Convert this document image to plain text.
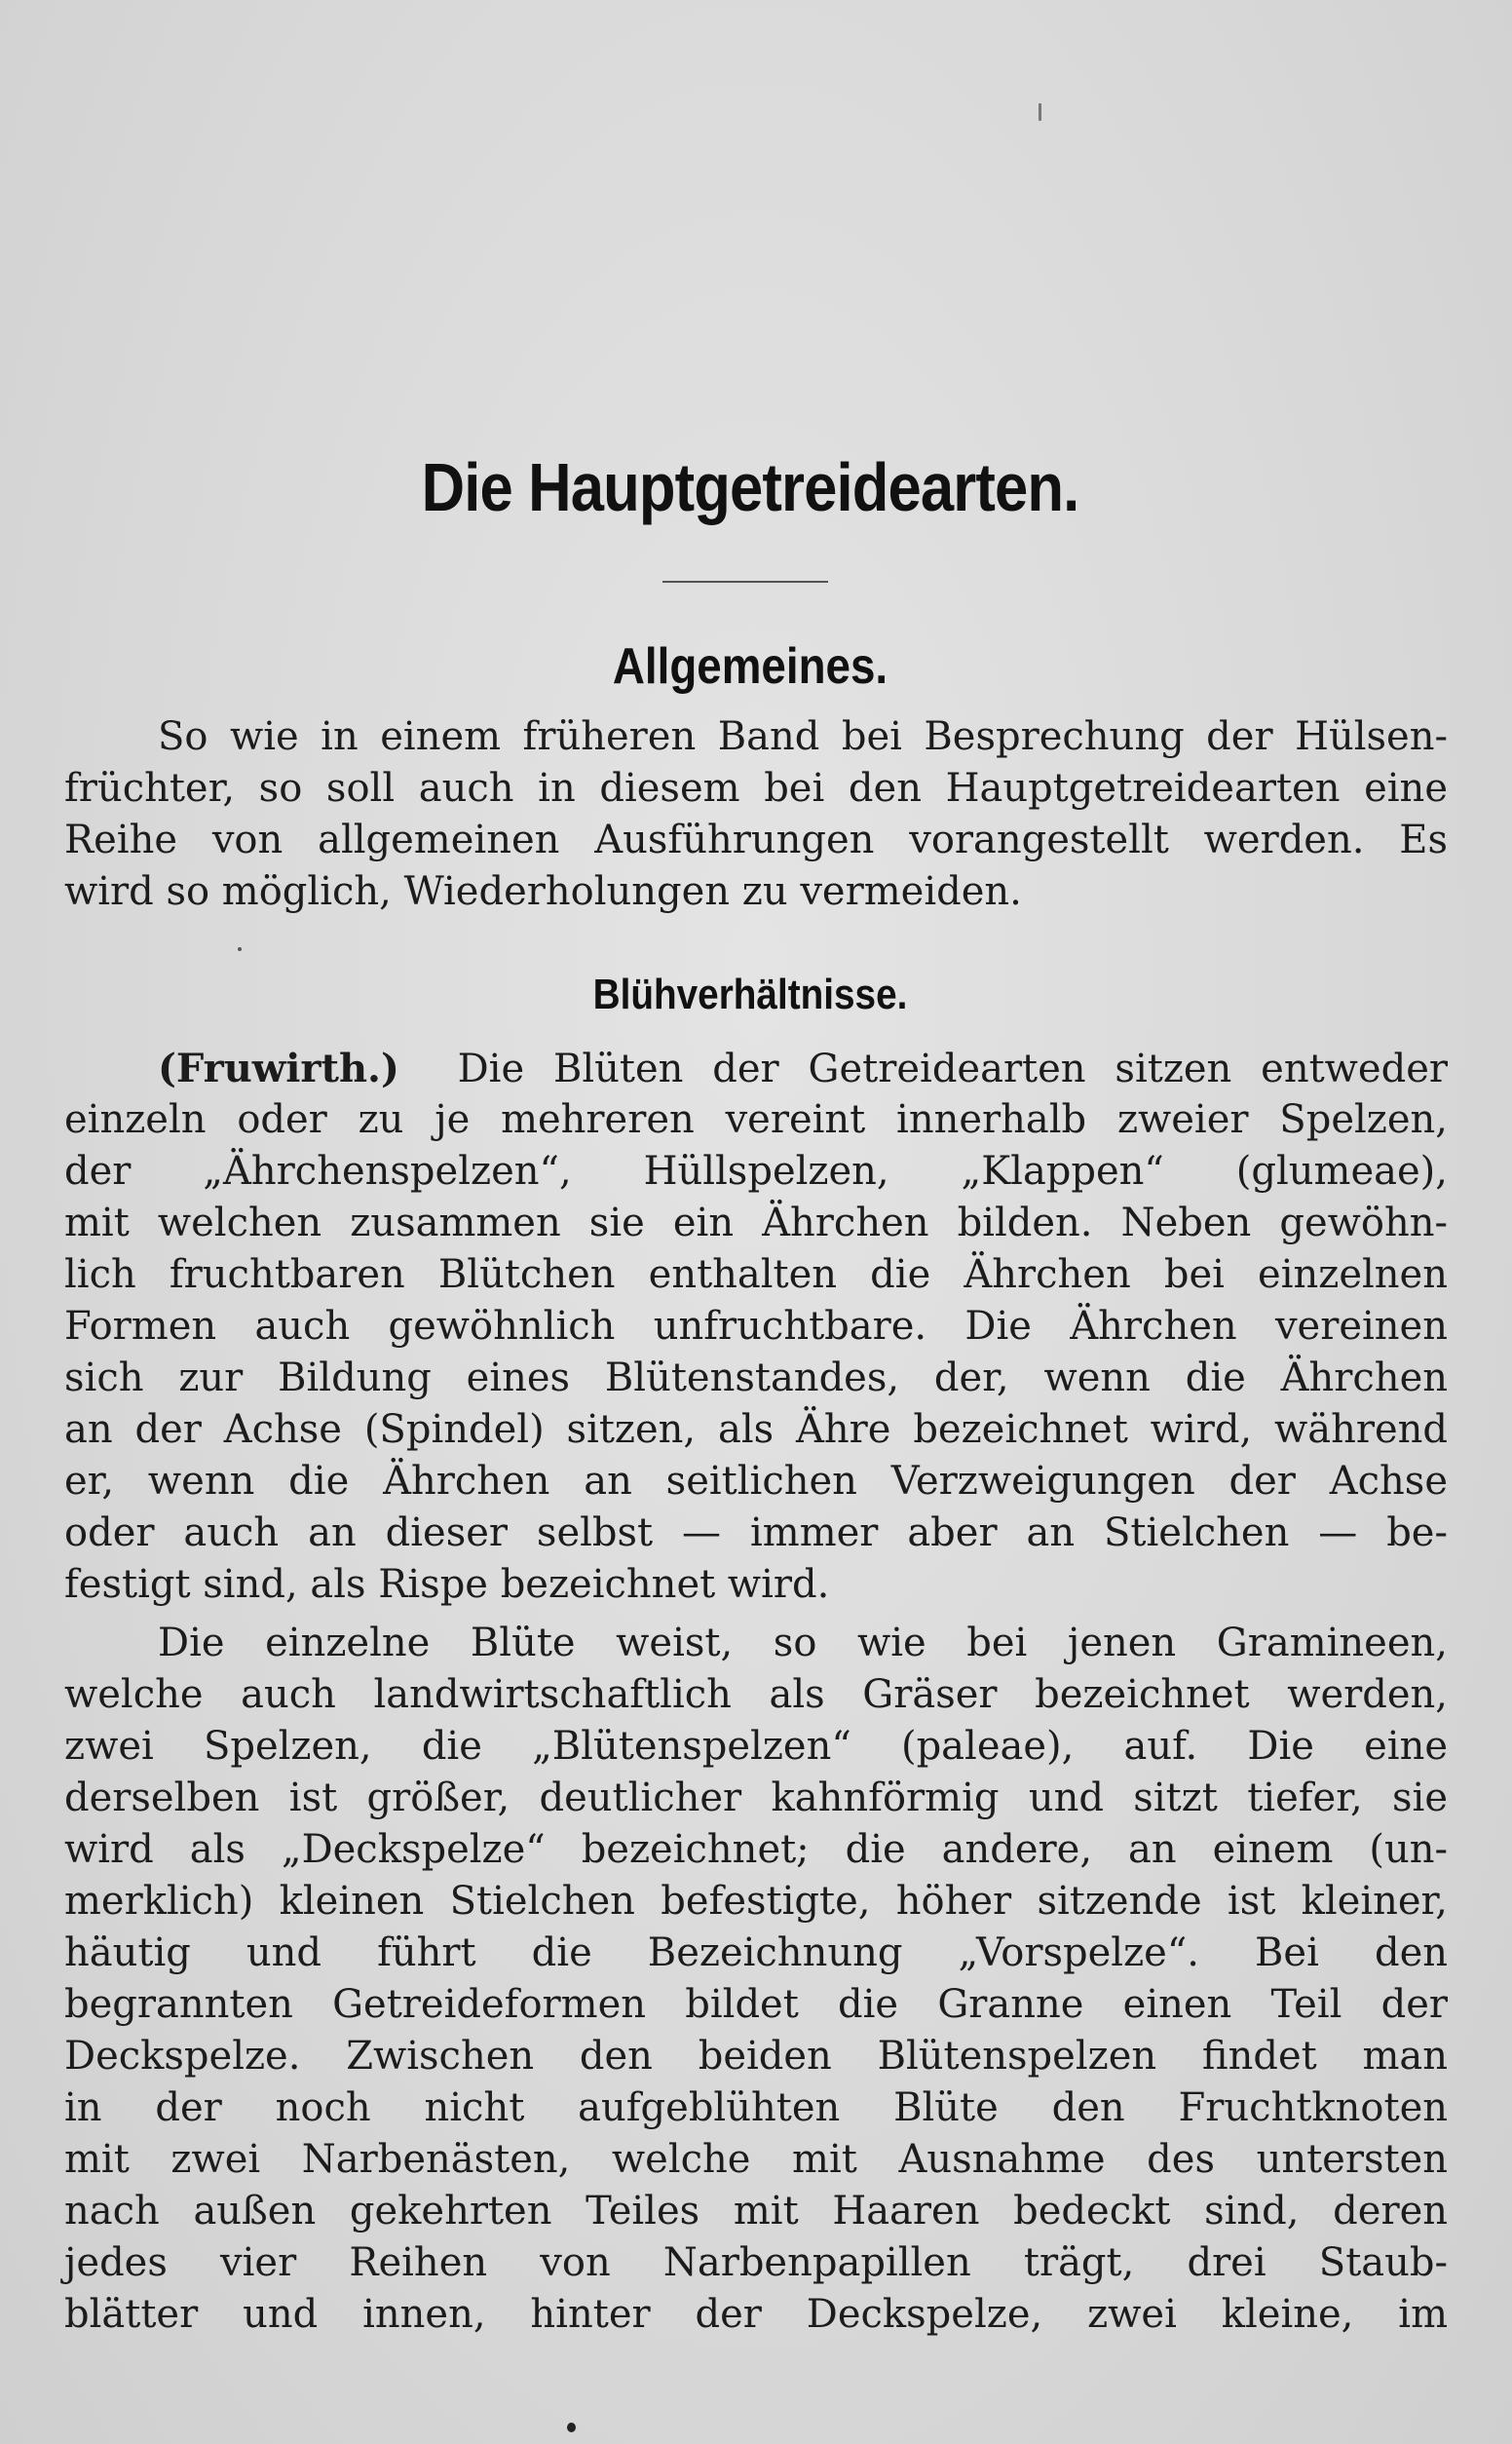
Die Hauptgetreidearten.
Allgemeines.
So wie in einem früheren Band bei Besprechung der Hülsen-
früchter, so soll auch in diesem bei den Hauptgetreidearten eine
Reihe von allgemeinen Ausführungen vorangestellt werden. Es
wird so möglich, Wiederholungen zu vermeiden.
Blühverhältnisse.
(Fruwirth.) Die Blüten der Getreidearten sitzen entweder
einzeln oder zu je mehreren vereint innerhalb zweier Spelzen,
der „Ährchenspelzen“, Hüllspelzen, „Klappen“ (glumeae),
mit welchen zusammen sie ein Ährchen bilden. Neben gewöhn-
lich fruchtbaren Blütchen enthalten die Ährchen bei einzelnen
Formen auch gewöhnlich unfruchtbare. Die Ährchen vereinen
sich zur Bildung eines Blütenstandes, der, wenn die Ährchen
an der Achse (Spindel) sitzen, als Ähre bezeichnet wird, während
er, wenn die Ährchen an seitlichen Verzweigungen der Achse
oder auch an dieser selbst — immer aber an Stielchen — be-
festigt sind, als Rispe bezeichnet wird.
Die einzelne Blüte weist, so wie bei jenen Gramineen,
welche auch landwirtschaftlich als Gräser bezeichnet werden,
zwei Spelzen, die „Blütenspelzen“ (paleae), auf. Die eine
derselben ist größer, deutlicher kahnförmig und sitzt tiefer, sie
wird als „Deckspelze“ bezeichnet; die andere, an einem (un-
merklich) kleinen Stielchen befestigte, höher sitzende ist kleiner,
häutig und führt die Bezeichnung „Vorspelze“. Bei den
begrannten Getreideformen bildet die Granne einen Teil der
Deckspelze. Zwischen den beiden Blütenspelzen findet man
in der noch nicht aufgeblühten Blüte den Fruchtknoten
mit zwei Narbenästen, welche mit Ausnahme des untersten
nach außen gekehrten Teiles mit Haaren bedeckt sind, deren
jedes vier Reihen von Narbenpapillen trägt, drei Staub-
blätter und innen, hinter der Deckspelze, zwei kleine, im
